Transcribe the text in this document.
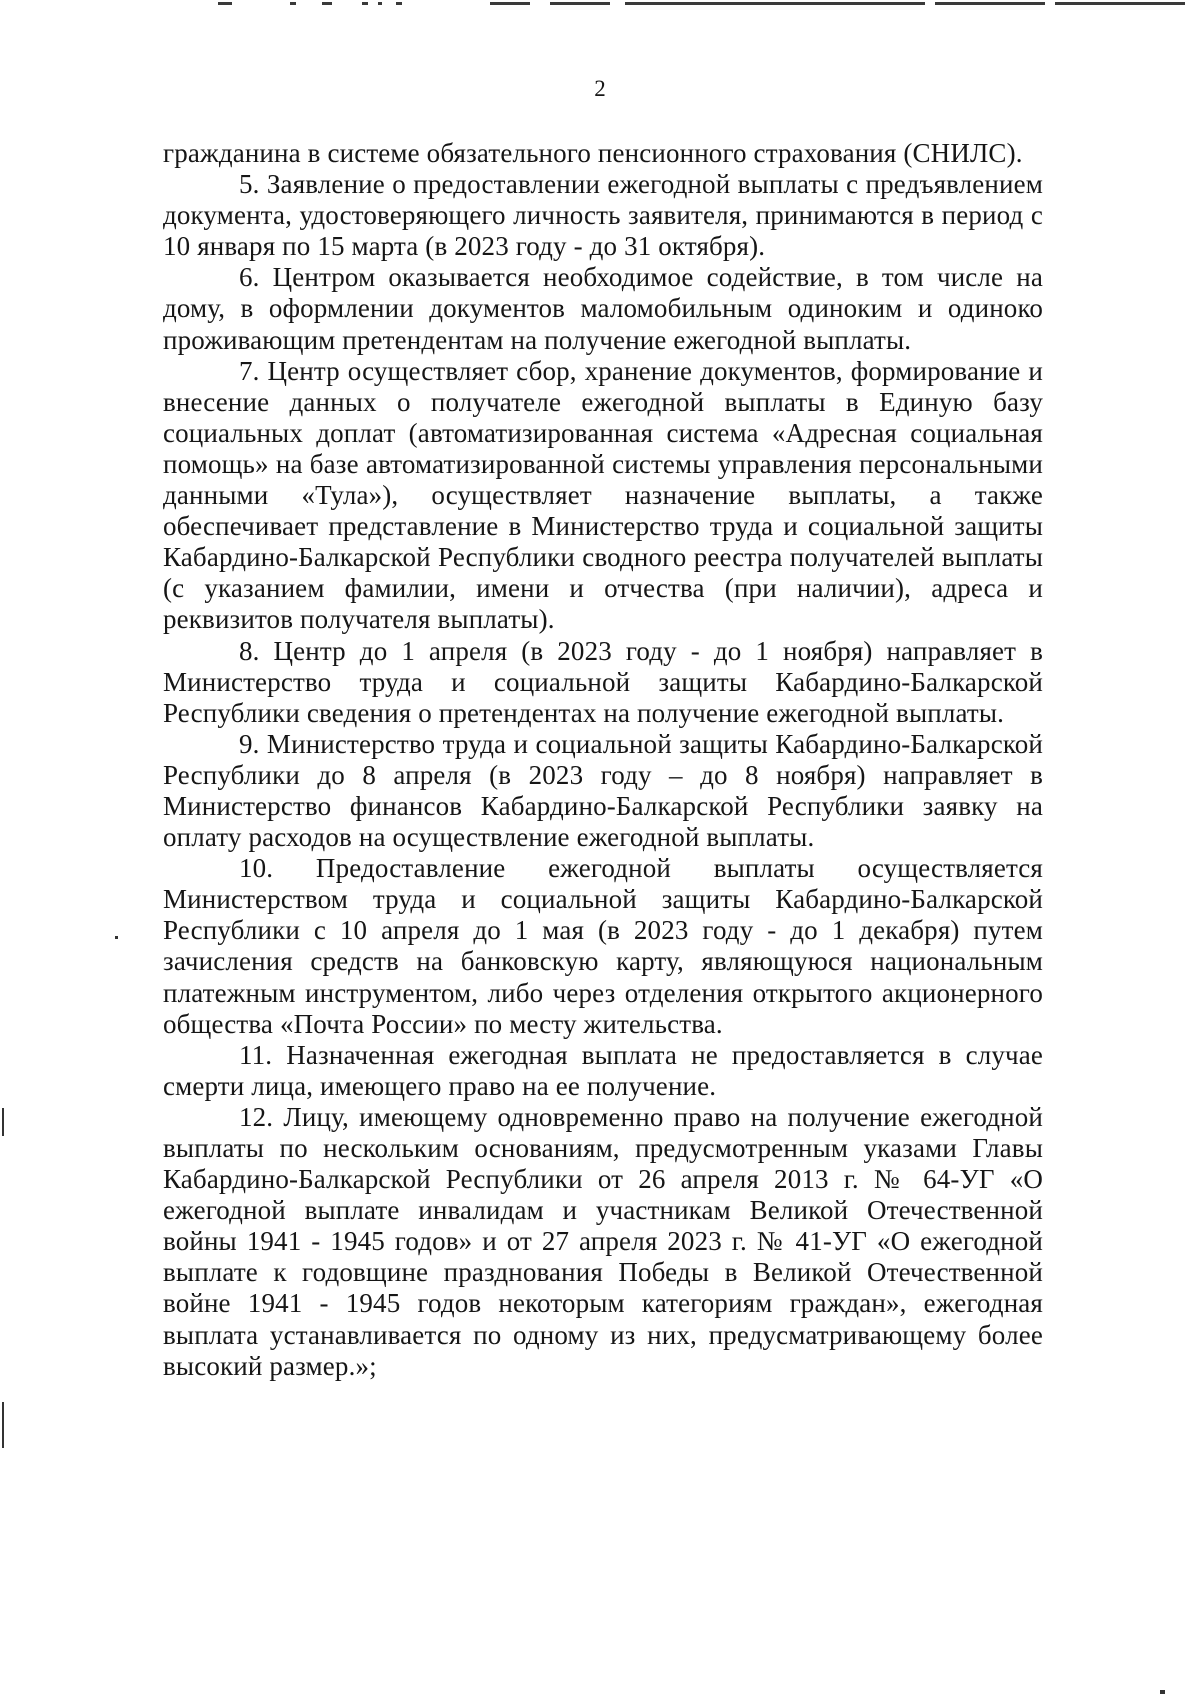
2

гражданина в системе обязательного пенсионного страхования (СНИЛС).

5. Заявление о предоставлении ежегодной выплаты с предъявлением документа, удостоверяющего личность заявителя, принимаются в период с 10 января по 15 марта (в 2023 году - до 31 октября).

6. Центром оказывается необходимое содействие, в том числе на дому, в оформлении документов маломобильным одиноким и одиноко проживающим претендентам на получение ежегодной выплаты.

7. Центр осуществляет сбор, хранение документов, формирование и внесение данных о получателе ежегодной выплаты в Единую базу социальных доплат (автоматизированная система «Адресная социальная помощь» на базе автоматизированной системы управления персональными данными «Тула»), осуществляет назначение выплаты, а также обеспечивает представление в Министерство труда и социальной защиты Кабардино-Балкарской Республики сводного реестра получателей выплаты (с указанием фамилии, имени и отчества (при наличии), адреса и реквизитов получателя выплаты).

8. Центр до 1 апреля (в 2023 году - до 1 ноября) направляет в Министерство труда и социальной защиты Кабардино-Балкарской Республики сведения о претендентах на получение ежегодной выплаты.

9. Министерство труда и социальной защиты Кабардино-Балкарской Республики до 8 апреля (в 2023 году – до 8 ноября) направляет в Министерство финансов Кабардино-Балкарской Республики заявку на оплату расходов на осуществление ежегодной выплаты.

10. Предоставление ежегодной выплаты осуществляется Министерством труда и социальной защиты Кабардино-Балкарской Республики с 10 апреля до 1 мая (в 2023 году - до 1 декабря) путем зачисления средств на банковскую карту, являющуюся национальным платежным инструментом, либо через отделения открытого акционерного общества «Почта России» по месту жительства.

11. Назначенная ежегодная выплата не предоставляется в случае смерти лица, имеющего право на ее получение.

12. Лицу, имеющему одновременно право на получение ежегодной выплаты по нескольким основаниям, предусмотренным указами Главы Кабардино-Балкарской Республики от 26 апреля 2013 г. № 64-УГ «О ежегодной выплате инвалидам и участникам Великой Отечественной войны 1941 - 1945 годов» и от 27 апреля 2023 г. № 41-УГ «О ежегодной выплате к годовщине празднования Победы в Великой Отечественной войне 1941 - 1945 годов некоторым категориям граждан», ежегодная выплата устанавливается по одному из них, предусматривающему более высокий размер.»;
